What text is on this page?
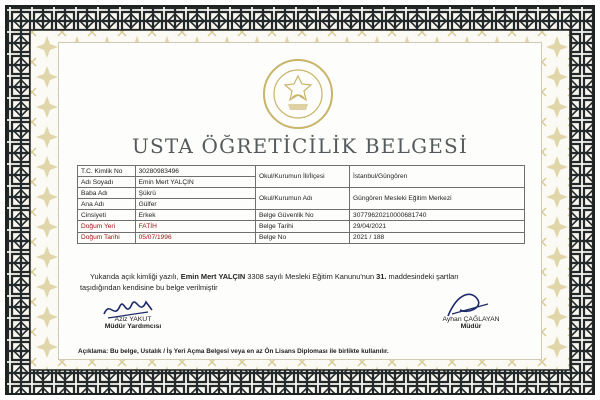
USTA ÖĞRETİCİLİK BELGESİ
T.C. Kimlik No	30280983496	Okul/Kurumun İli/İlçesi	İstanbul/Güngören
Adı Soyadı	Emin Mert YALÇIN		
Baba Adı	Şükrü	Okul/Kurumun Adı	Güngören Mesleki Eğitim Merkezi
Ana Adı	Gülfer		
Cinsiyeti	Erkek	Belge Güvenlik No	30779620210000681740
Doğum Yeri	FATİH	Belge Tarihi	29/04/2021
Doğum Tarihi	05/07/1996	Belge No	2021 / 188
Yukarıda açık kimliği yazılı, Emin Mert YALÇIN 3308 sayılı Mesleki Eğitim Kanunu'nun 31. maddesindeki şartları
taşıdığından kendisine bu belge verilmiştir
Aziz YAKUT
Müdür Yardımcısı
Ayhan ÇAĞLAYAN
Müdür
Açıklama: Bu belge, Ustalık / İş Yeri Açma Belgesi veya en az Ön Lisans Diploması ile birlikte kullanılır.
